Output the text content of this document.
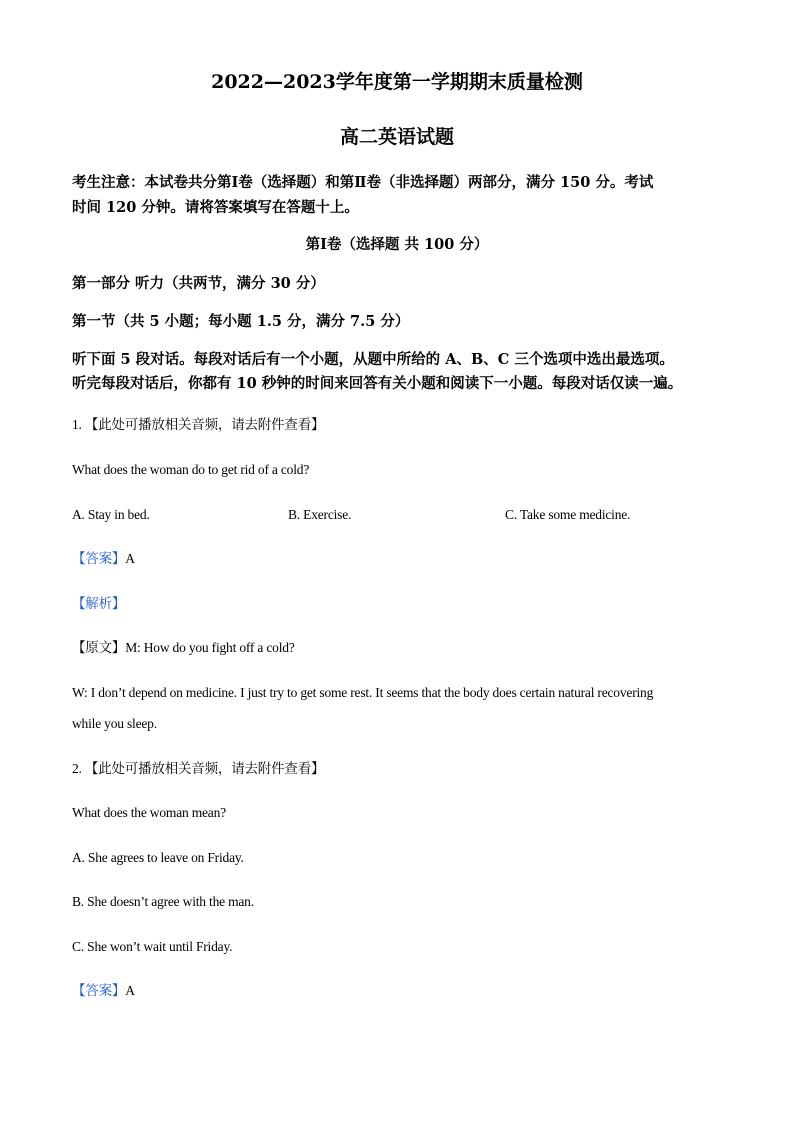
2022—2023学年度第一学期期末质量检测
高二英语试题
考生注意：本试卷共分第Ⅰ卷（选择题）和第Ⅱ卷（非选择题）两部分，满分 150 分。考试
时间 120 分钟。请将答案填写在答题十上。
第Ⅰ卷（选择题 共 100 分）
第一部分 听力（共两节，满分 30 分）
第一节（共 5 小题；每小题 1.5 分，满分 7.5 分）
听下面 5 段对话。每段对话后有一个小题，从题中所给的 A、B、C 三个选项中选出最选项。
听完每段对话后，你都有 10 秒钟的时间来回答有关小题和阅读下一小题。每段对话仅读一遍。
1. 【此处可播放相关音频，请去附件查看】
What does the woman do to get rid of a cold?
A. Stay in bed.	B. Exercise.	C. Take some medicine.
【答案】A
【解析】
【原文】M: How do you fight off a cold?
W: I don’t depend on medicine. I just try to get some rest. It seems that the body does certain natural recovering
while you sleep.
2. 【此处可播放相关音频，请去附件查看】
What does the woman mean?
A. She agrees to leave on Friday.
B. She doesn’t agree with the man.
C. She won’t wait until Friday.
【答案】A
